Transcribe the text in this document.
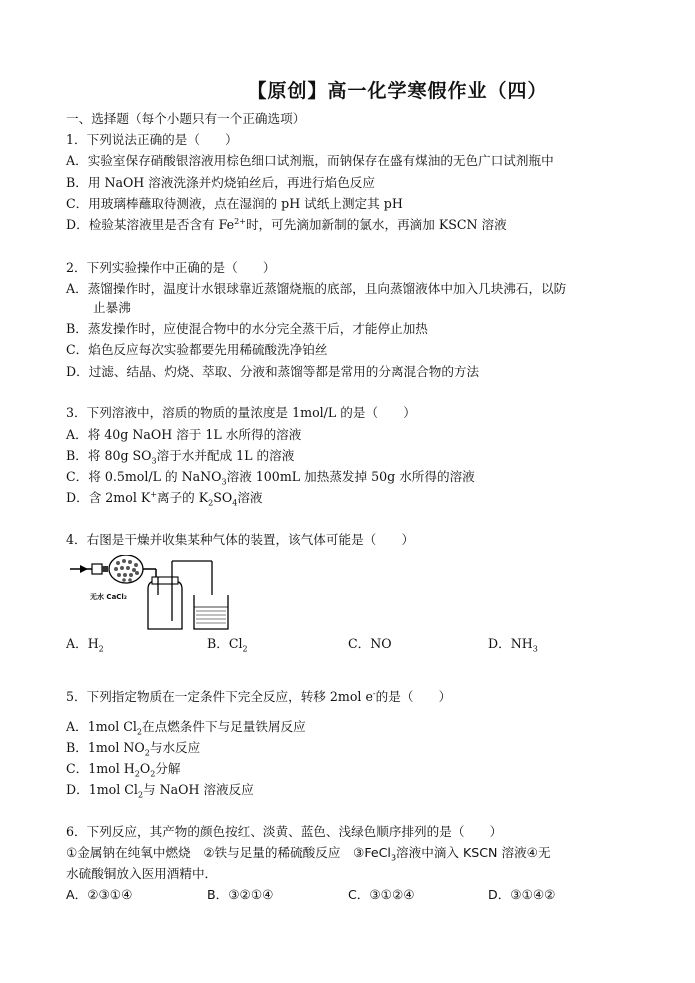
【原创】高一化学寒假作业（四）
一、选择题（每个小题只有一个正确选项）
1．下列说法正确的是（　　）
A．实验室保存硝酸银溶液用棕色细口试剂瓶，而钠保存在盛有煤油的无色广口试剂瓶中
B．用 NaOH 溶液洗涤并灼烧铂丝后，再进行焰色反应
C．用玻璃棒蘸取待测液，点在湿润的 pH 试纸上测定其 pH
D．检验某溶液里是否含有 $Fe^{2+}$时，可先滴加新制的氯水，再滴加 KSCN 溶液
2．下列实验操作中正确的是（　　）
A．蒸馏操作时，温度计水银球靠近蒸馏烧瓶的底部，且向蒸馏液体中加入几块沸石，以防
止暴沸
B．蒸发操作时，应使混合物中的水分完全蒸干后，才能停止加热
C．焰色反应每次实验都要先用稀硫酸洗净铂丝
D．过滤、结晶、灼烧、萃取、分液和蒸馏等都是常用的分离混合物的方法
3．下列溶液中，溶质的物质的量浓度是 1mol/L 的是（　　）
A．将 40g NaOH 溶于 1L 水所得的溶液
B．将 80g $SO_3$溶于水并配成 1L 的溶液
C．将 0.5mol/L 的 NaNO$_3$溶液 100mL 加热蒸发掉 50g 水所得的溶液
D．含 2mol K+离子的 $K_2SO_4$溶液
4．右图是干燥并收集某种气体的装置，该气体可能是（　　）
无水 CaCl₂
A．$H_2$	B．$Cl_2$	C．NO	D．$NH_3$
5．下列指定物质在一定条件下完全反应，转移 2mol e-的是（　　）
A．1mol $Cl_2$在点燃条件下与足量铁屑反应
B．1mol $NO_2$与水反应
C．1mol $H_2O_2$分解
D．1mol $Cl_2$与 NaOH 溶液反应
6．下列反应，其产物的颜色按红、淡黄、蓝色、浅绿色顺序排列的是（　　）
①金属钠在纯氧中燃烧　②铁与足量的稀硫酸反应　③FeCl$_3$溶液中滴入 KSCN 溶液④无
水硫酸铜放入医用酒精中．
A．②③①④	B．③②①④	C．③①②④	D．③①④②
